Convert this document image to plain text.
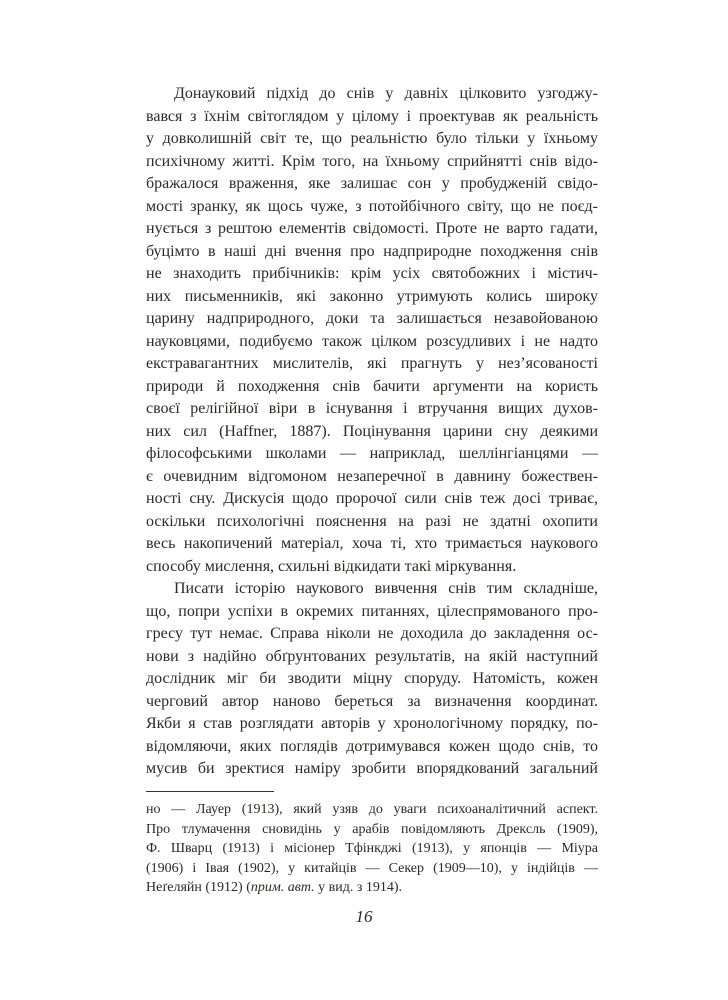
Донауковий підхід до снів у давніх цілковито узгоджу-
вався з їхнім світоглядом у цілому і проектував як реальність
у довколишній світ те, що реальністю було тільки у їхньому
психічному житті. Крім того, на їхньому сприйнятті снів відо-
бражалося враження, яке залишає сон у пробудженій свідо-
мості зранку, як щось чуже, з потойбічного світу, що не поєд-
нується з рештою елементів свідомості. Проте не варто гадати,
буцімто в наші дні вчення про надприродне походження снів
не знаходить прибічників: крім усіх святобожних і містич-
них письменників, які законно утримують колись широку
царину надприродного, доки та залишається незавойованою
науковцями, подибуємо також цілком розсудливих і не надто
екстравагантних мислителів, які прагнуть у нез’ясованості
природи й походження снів бачити аргументи на користь
своєї релігійної віри в існування і втручання вищих духов-
них сил (Haffner, 1887). Поцінування царини сну деякими
філософськими школами — наприклад, шеллінгіанцями —
є очевидним відгомоном незаперечної в давнину божествен-
ності сну. Дискусія щодо пророчої сили снів теж досі триває,
оскільки психологічні пояснення на разі не здатні охопити
весь накопичений матеріал, хоча ті, хто тримається наукового
способу мислення, схильні відкидати такі міркування.
Писати історію наукового вивчення снів тим складніше,
що, попри успіхи в окремих питаннях, цілеспрямованого про-
гресу тут немає. Справа ніколи не доходила до закладення ос-
нови з надійно обґрунтованих результатів, на якій наступний
дослідник міг би зводити міцну споруду. Натомість, кожен
черговий автор наново береться за визначення координат.
Якби я став розглядати авторів у хронологічному порядку, по-
відомляючи, яких поглядів дотримувався кожен щодо снів, то
мусив би зректися наміру зробити впорядкований загальний
но — Лауер (1913), який узяв до уваги психоаналітичний аспект.
Про тлумачення сновидінь у арабів повідомляють Дрексль (1909),
Ф. Шварц (1913) і місіонер Тфінкджі (1913), у японців — Міура
(1906) і Івая (1902), у китайців — Секер (1909—10), у індійців —
Неґеляйн (1912) (прим. авт. у вид. з 1914).
16
